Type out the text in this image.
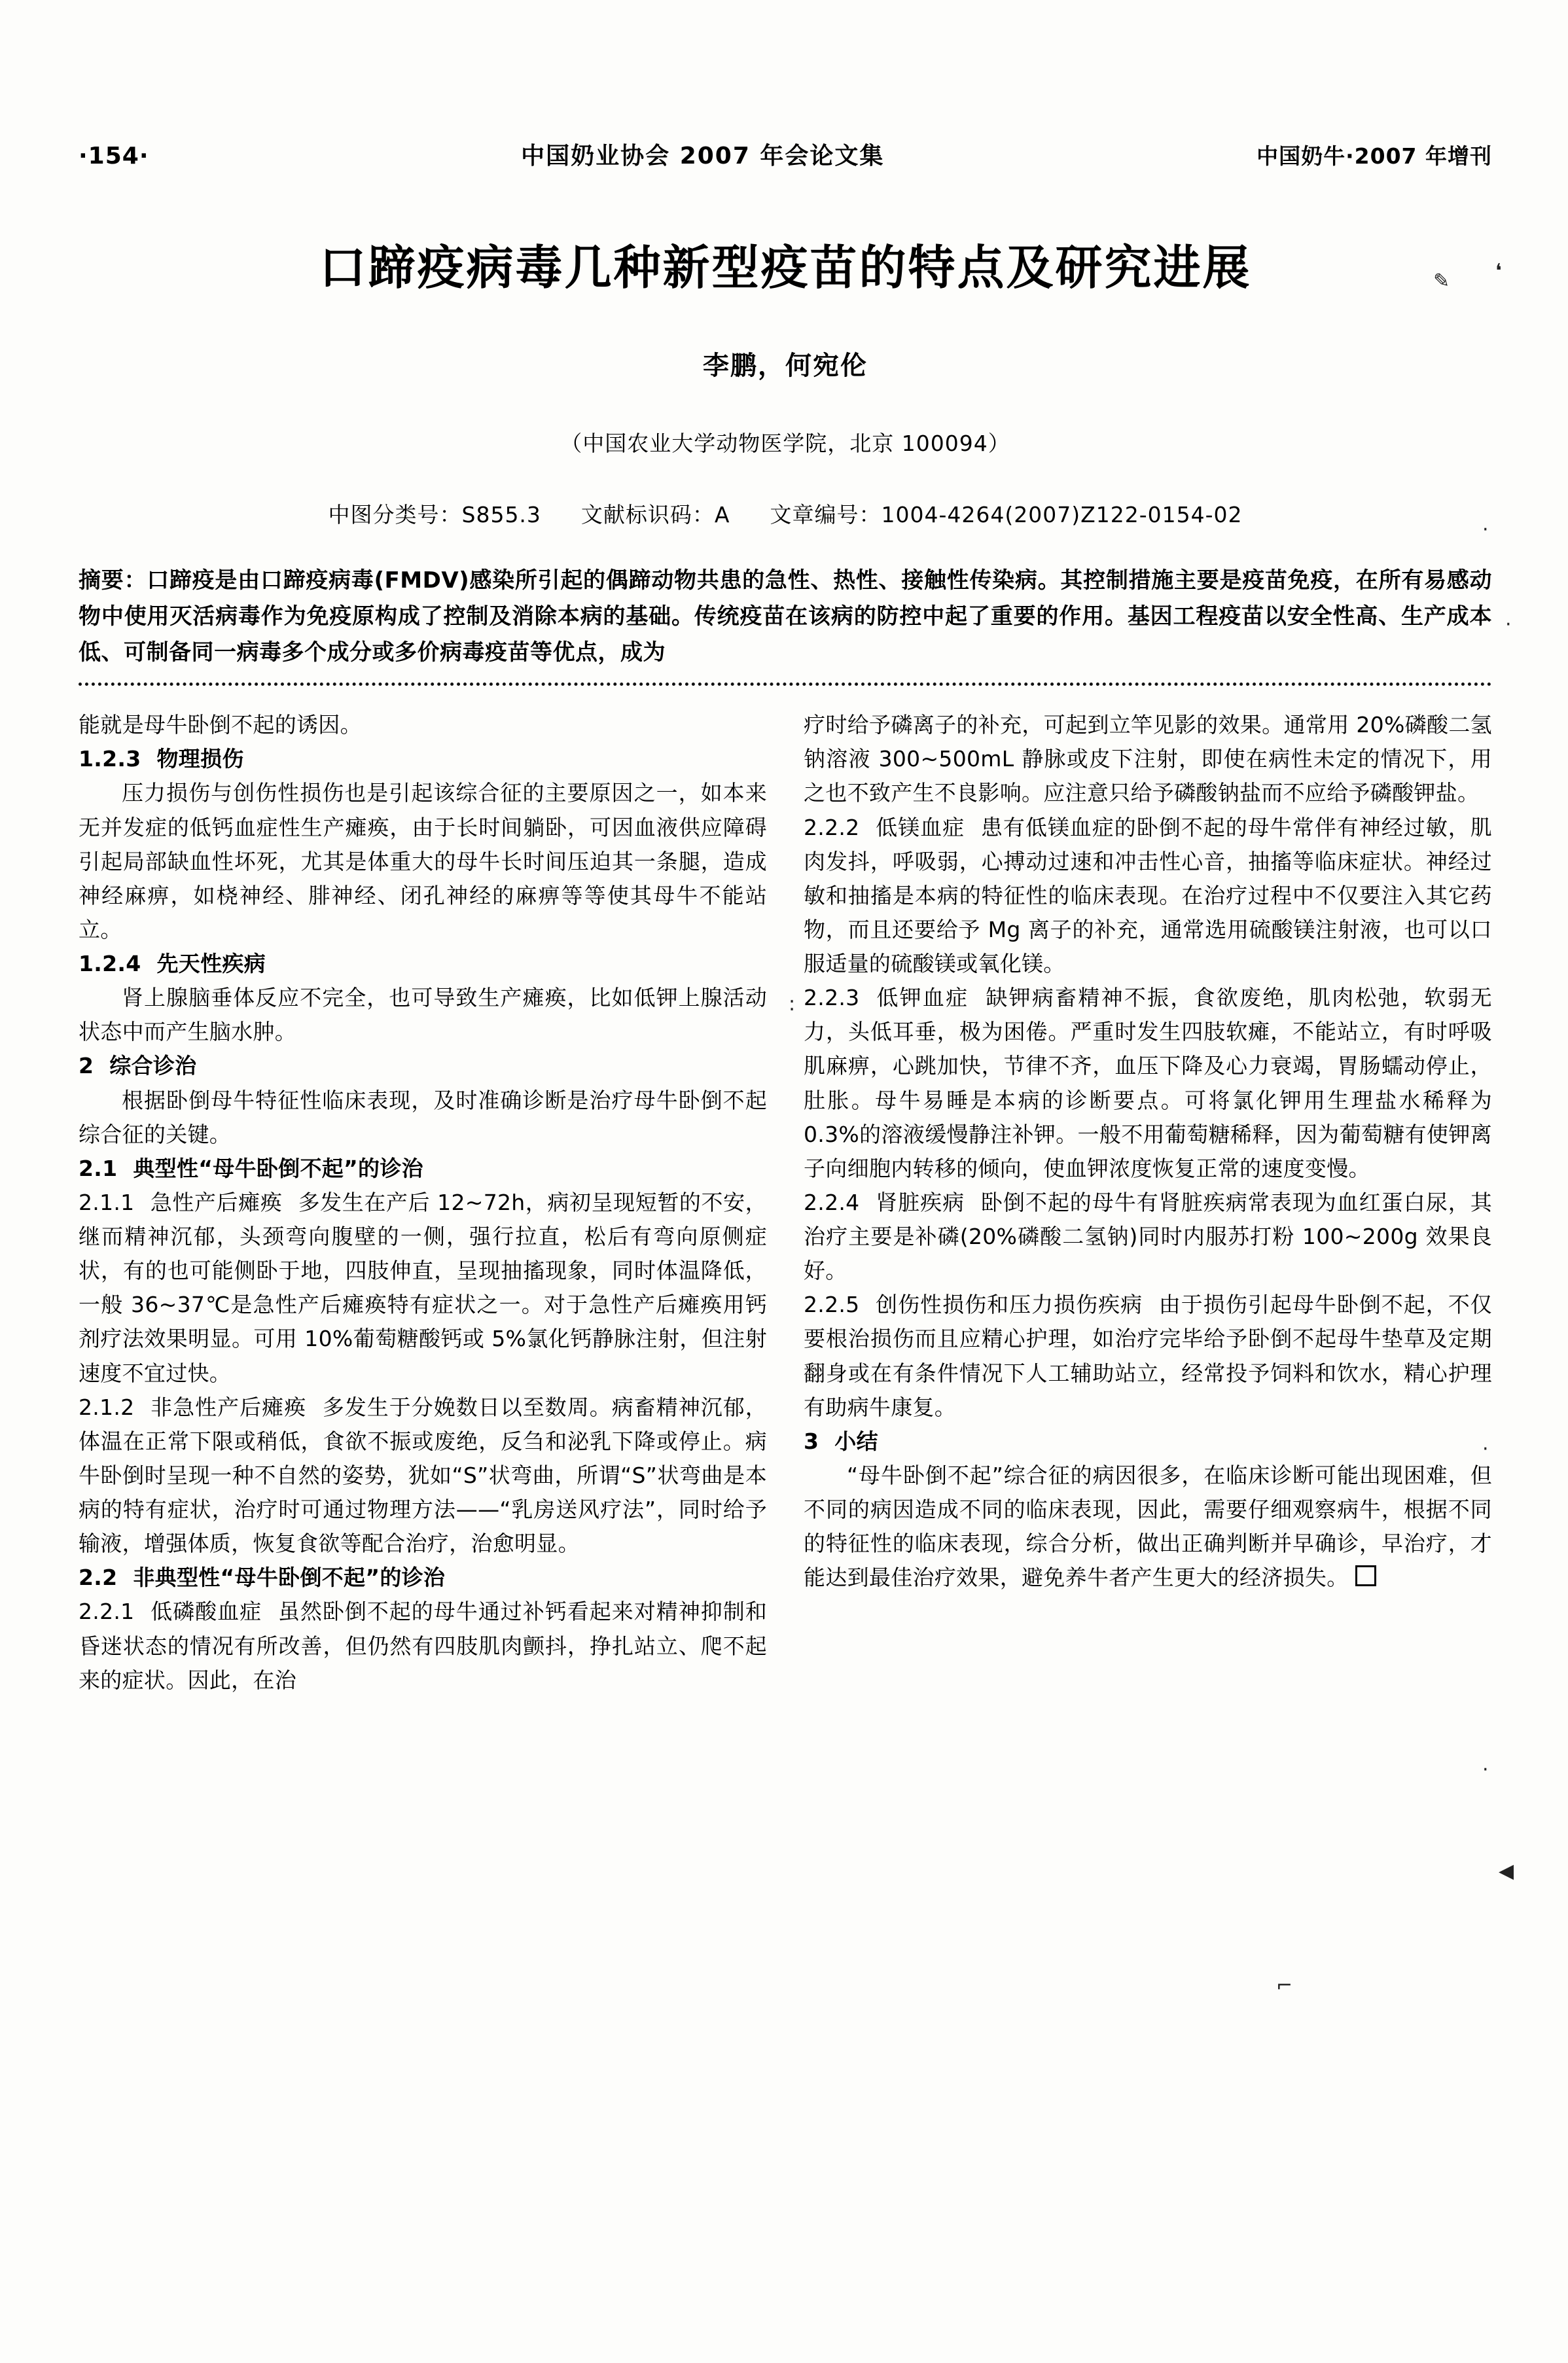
·154·	中国奶业协会 2007 年会论文集	中国奶牛·2007 年增刊
口蹄疫病毒几种新型疫苗的特点及研究进展
李鹏，何宛伦
（中国农业大学动物医学院，北京 100094）
中图分类号：S855.3 文献标识码：A 文章编号：1004-4264(2007)Z122-0154-02
摘要：口蹄疫是由口蹄疫病毒(FMDV)感染所引起的偶蹄动物共患的急性、热性、接触性传染病。其控制措施主要是疫苗免疫，在所有易感动物中使用灭活病毒作为免疫原构成了控制及消除本病的基础。传统疫苗在该病的防控中起了重要的作用。基因工程疫苗以安全性高、生产成本低、可制备同一病毒多个成分或多价病毒疫苗等优点，成为

能就是母牛卧倒不起的诱因。

1.2.3 物理损伤

压力损伤与创伤性损伤也是引起该综合征的主要原因之一，如本来无并发症的低钙血症性生产瘫痪，由于长时间躺卧，可因血液供应障碍引起局部缺血性坏死，尤其是体重大的母牛长时间压迫其一条腿，造成神经麻痹，如桡神经、腓神经、闭孔神经的麻痹等等使其母牛不能站立。

1.2.4 先天性疾病

肾上腺脑垂体反应不完全，也可导致生产瘫痪，比如低钾上腺活动状态中而产生脑水肿。

2 综合诊治

根据卧倒母牛特征性临床表现，及时准确诊断是治疗母牛卧倒不起综合征的关键。

2.1 典型性“母牛卧倒不起”的诊治

2.1.1 急性产后瘫痪 多发生在产后 12~72h，病初呈现短暂的不安，继而精神沉郁，头颈弯向腹壁的一侧，强行拉直，松后有弯向原侧症状，有的也可能侧卧于地，四肢伸直，呈现抽搐现象，同时体温降低，一般 36~37℃是急性产后瘫痪特有症状之一。对于急性产后瘫痪用钙剂疗法效果明显。可用 10%葡萄糖酸钙或 5%氯化钙静脉注射，但注射速度不宜过快。

2.1.2 非急性产后瘫痪 多发生于分娩数日以至数周。病畜精神沉郁，体温在正常下限或稍低，食欲不振或废绝，反刍和泌乳下降或停止。病牛卧倒时呈现一种不自然的姿势，犹如“S”状弯曲，所谓“S”状弯曲是本病的特有症状，治疗时可通过物理方法——“乳房送风疗法”，同时给予输液，增强体质，恢复食欲等配合治疗，治愈明显。

2.2 非典型性“母牛卧倒不起”的诊治

2.2.1 低磷酸血症 虽然卧倒不起的母牛通过补钙看起来对精神抑制和昏迷状态的情况有所改善，但仍然有四肢肌肉颤抖，挣扎站立、爬不起来的症状。因此，在治

疗时给予磷离子的补充，可起到立竿见影的效果。通常用 20%磷酸二氢钠溶液 300~500mL 静脉或皮下注射，即使在病性未定的情况下，用之也不致产生不良影响。应注意只给予磷酸钠盐而不应给予磷酸钾盐。

2.2.2 低镁血症 患有低镁血症的卧倒不起的母牛常伴有神经过敏，肌肉发抖，呼吸弱，心搏动过速和冲击性心音，抽搐等临床症状。神经过敏和抽搐是本病的特征性的临床表现。在治疗过程中不仅要注入其它药物，而且还要给予 Mg 离子的补充，通常选用硫酸镁注射液，也可以口服适量的硫酸镁或氧化镁。

2.2.3 低钾血症 缺钾病畜精神不振，食欲废绝，肌肉松弛，软弱无力，头低耳垂，极为困倦。严重时发生四肢软瘫，不能站立，有时呼吸肌麻痹，心跳加快，节律不齐，血压下降及心力衰竭，胃肠蠕动停止，肚胀。母牛易睡是本病的诊断要点。可将氯化钾用生理盐水稀释为 0.3%的溶液缓慢静注补钾。一般不用葡萄糖稀释，因为葡萄糖有使钾离子向细胞内转移的倾向，使血钾浓度恢复正常的速度变慢。

2.2.4 肾脏疾病 卧倒不起的母牛有肾脏疾病常表现为血红蛋白尿，其治疗主要是补磷(20%磷酸二氢钠)同时内服苏打粉 100~200g 效果良好。

2.2.5 创伤性损伤和压力损伤疾病 由于损伤引起母牛卧倒不起，不仅要根治损伤而且应精心护理，如治疗完毕给予卧倒不起母牛垫草及定期翻身或在有条件情况下人工辅助站立，经常投予饲料和饮水，精心护理有助病牛康复。

3 小结

“母牛卧倒不起”综合征的病因很多，在临床诊断可能出现困难，但不同的病因造成不同的临床表现，因此，需要仔细观察病牛，根据不同的特征性的临床表现，综合分析，做出正确判断并早确诊，早治疗，才能达到最佳治疗效果，避免养牛者产生更大的经济损失。

✎ ❛
·
·
·
·
◀
⌐
:
